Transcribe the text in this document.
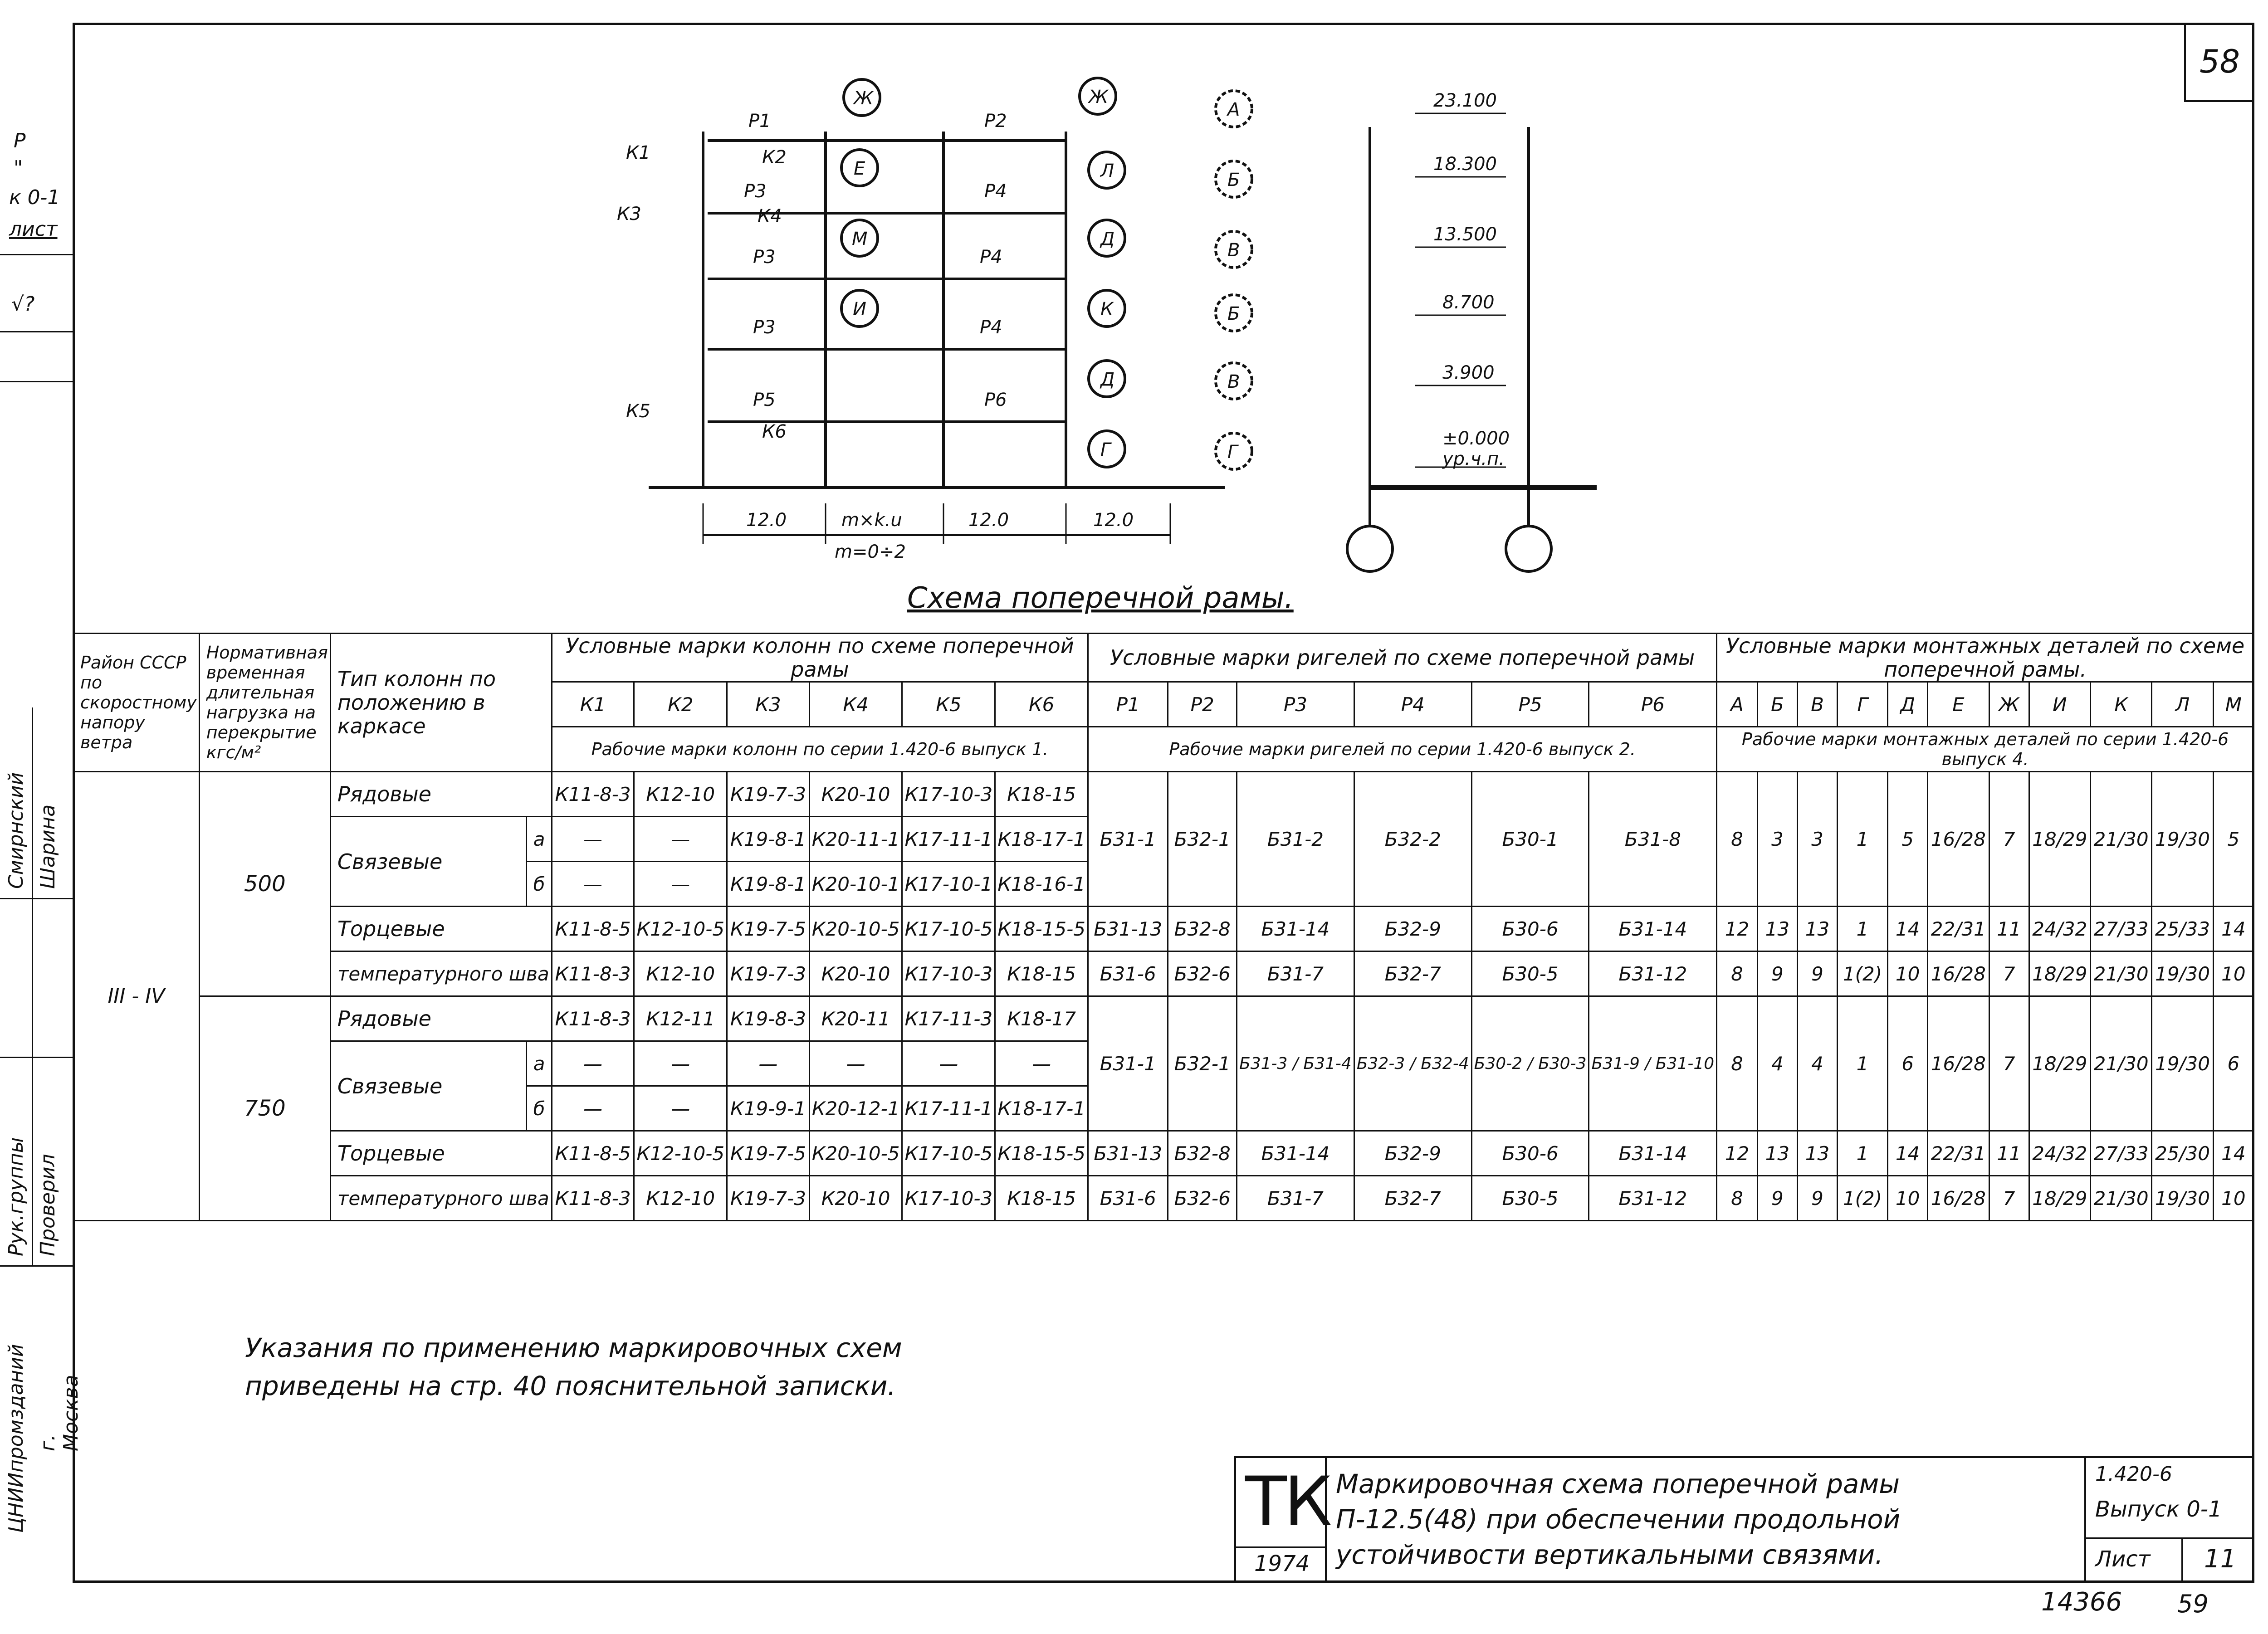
58
Р
"
к 0-1
лист
√?
Смирнский Шарина
Рук.группы Проверил
ЦНИИпромзданий г. Москва
К1
К3
К5
К2
К4
К6
Р1	Р2
Р3	Р4
Р3	Р4
Р3	Р4
Р5	Р6
Е
М
И
Л
Д
К
Д
Г
Ж	Ж
А
Б
В
Б
В
Г
12.0	m×k.u	12.0	12.0
m=0÷2
23.100
18.300
13.500
8.700
3.900
±0.000
ур.ч.п.
Схема поперечной рамы.
Район СССР по скоростному напору ветра	Нормативная временная длительная нагрузка на перекрытие кгс/м²	Тип колонн по положению в каркасе		Условные марки колонн по схеме поперечной рамы						Условные марки ригелей по схеме поперечной рамы						Условные марки монтажных деталей по схеме поперечной рамы.										
				К1	К2	К3	К4	К5	К6	Р1	Р2	Р3	Р4	Р5	Р6	А	Б	В	Г	Д	Е	Ж	И	К	Л	М
				Рабочие марки колонн по серии 1.420-6 выпуск 1.						Рабочие марки ригелей по серии 1.420-6 выпуск 2.						Рабочие марки монтажных деталей по серии 1.420-6 выпуск 4.										
III - IV	500	Рядовые		К11-8-3	К12-10	К19-7-3	К20-10	К17-10-3	К18-15	Б31-1	Б32-1	Б31-2	Б32-2	Б30-1	Б31-8	8	3	3	1	5	16/28	7	18/29	21/30	19/30	5
		Связевые	а	—	—	К19-8-1	К20-11-1	К17-11-1	К18-17-1																	
			б	—	—	К19-8-1	К20-10-1	К17-10-1	К18-16-1																	
		Торцевые		К11-8-5	К12-10-5	К19-7-5	К20-10-5	К17-10-5	К18-15-5	Б31-13	Б32-8	Б31-14	Б32-9	Б30-6	Б31-14	12	13	13	1	14	22/31	11	24/32	27/33	25/33	14
		температурного шва		К11-8-3	К12-10	К19-7-3	К20-10	К17-10-3	К18-15	Б31-6	Б32-6	Б31-7	Б32-7	Б30-5	Б31-12	8	9	9	1(2)	10	16/28	7	18/29	21/30	19/30	10
	750	Рядовые		К11-8-3	К12-11	К19-8-3	К20-11	К17-11-3	К18-17	Б31-1	Б32-1	Б31-3 / Б31-4	Б32-3 / Б32-4	Б30-2 / Б30-3	Б31-9 / Б31-10	8	4	4	1	6	16/28	7	18/29	21/30	19/30	6
		Связевые	а	—	—	—	—	—	—																	
			б	—	—	К19-9-1	К20-12-1	К17-11-1	К18-17-1																	
		Торцевые		К11-8-5	К12-10-5	К19-7-5	К20-10-5	К17-10-5	К18-15-5	Б31-13	Б32-8	Б31-14	Б32-9	Б30-6	Б31-14	12	13	13	1	14	22/31	11	24/32	27/33	25/30	14
		температурного шва		К11-8-3	К12-10	К19-7-3	К20-10	К17-10-3	К18-15	Б31-6	Б32-6	Б31-7	Б32-7	Б30-5	Б31-12	8	9	9	1(2)	10	16/28	7	18/29	21/30	19/30	10
Указания по применению маркировочных схем
приведены на стр. 40 пояснительной записки.
ТК
1974
Маркировочная схема поперечной рамы
П-12.5(48) при обеспечении продольной
устойчивости вертикальными связями.
1.420-6
Выпуск 0-1
Лист 11
14366 59
